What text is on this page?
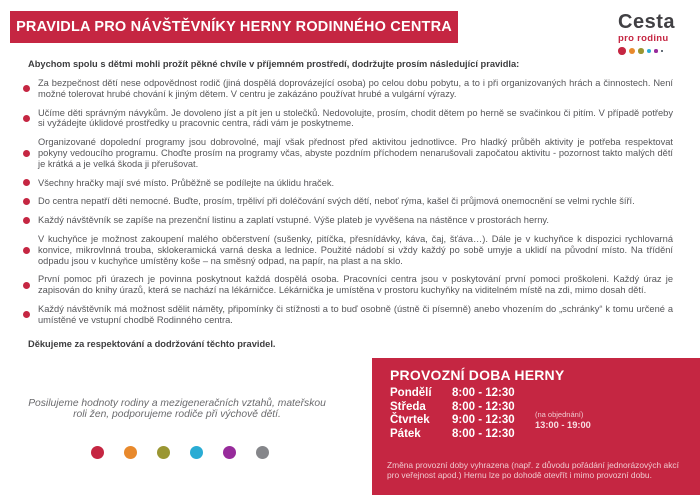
PRAVIDLA PRO NÁVŠTĚVNÍKY HERNY RODINNÉHO CENTRA	Cesta
pro rodinu

Abychom spolu s dětmi mohli prožít pěkné chvíle v příjemném prostředí, dodržujte prosím následující pravidla:

Za bezpečnost dětí nese odpovědnost rodič (jiná dospělá doprovázející osoba) po celou dobu pobytu, a to i při organizovaných hrách a činnostech. Není možné tolerovat hrubé chování k jiným dětem. V centru je zakázáno používat hrubé a vulgární výrazy.

Učíme děti správným návykům. Je dovoleno jíst a pít jen u stolečků. Nedovolujte, prosím, chodit dětem po herně se svačinkou či pitím. V případě potřeby si vyžádejte úklidové prostředky u pracovnic centra, rádi vám je poskytneme.

Organizované dopolední programy jsou dobrovolné, mají však přednost před aktivitou jednotlivce. Pro hladký průběh aktivity je potřeba respektovat pokyny vedoucího programu. Choďte prosím na programy včas, abyste pozdním příchodem nenarušovali započatou aktivitu - pozornost takto malých dětí je krátká a je velká škoda ji přerušovat.

Všechny hračky mají své místo. Průběžně se podílejte na úklidu hraček.

Do centra nepatří děti nemocné. Buďte, prosím, trpěliví při doléčování svých dětí, neboť rýma, kašel či průjmová onemocnění se velmi rychle šíří.

Každý návštěvník se zapíše na prezenční listinu a zaplatí vstupné. Výše plateb je vyvěšena na nástěnce v prostorách herny.

V kuchyňce je možnost zakoupení malého občerstvení (sušenky, pitíčka, přesnídávky, káva, čaj, šťáva…). Dále je v kuchyňce k dispozici rychlovarná konvice, mikrovlnná trouba, sklokeramická varná deska a lednice. Použité nádobí si vždy každý po sobě umyje a uklidí na původní místo. Na třídění odpadu jsou v kuchyňce umístěny koše – na směsný odpad, na papír, na plast a na sklo.

První pomoc při úrazech je povinna poskytnout každá dospělá osoba. Pracovníci centra jsou v poskytování první pomoci proškoleni. Každý úraz je zapisován do knihy úrazů, která se nachází na lékárničce. Lékárnička je umístěna v prostoru kuchyňky na viditelném místě na zdi, mimo dosah dětí.

Každý návštěvník má možnost sdělit náměty, připomínky či stížnosti a to buď osobně (ústně či písemně) anebo vhozením do „schránky“ k tomu určené a umístěné ve vstupní chodbě Rodinného centra.

Děkujeme za respektování a dodržování těchto pravidel.

Posilujeme hodnoty rodiny a mezigeneračních vztahů, mateřskou roli žen, podporujeme rodiče při výchově dětí.
PROVOZNÍ DOBA HERNY
Pondělí 8:00 - 12:30
Středa 8:00 - 12:30
Čtvrtek 9:00 - 12:30
Pátek	8:00 - 12:30
(na objednání)
13:00 - 19:00

Změna provozní doby vyhrazena (např. z důvodu pořádání jednorázových akcí pro veřejnost apod.) Hernu lze po dohodě otevřít i mimo provozní dobu.
